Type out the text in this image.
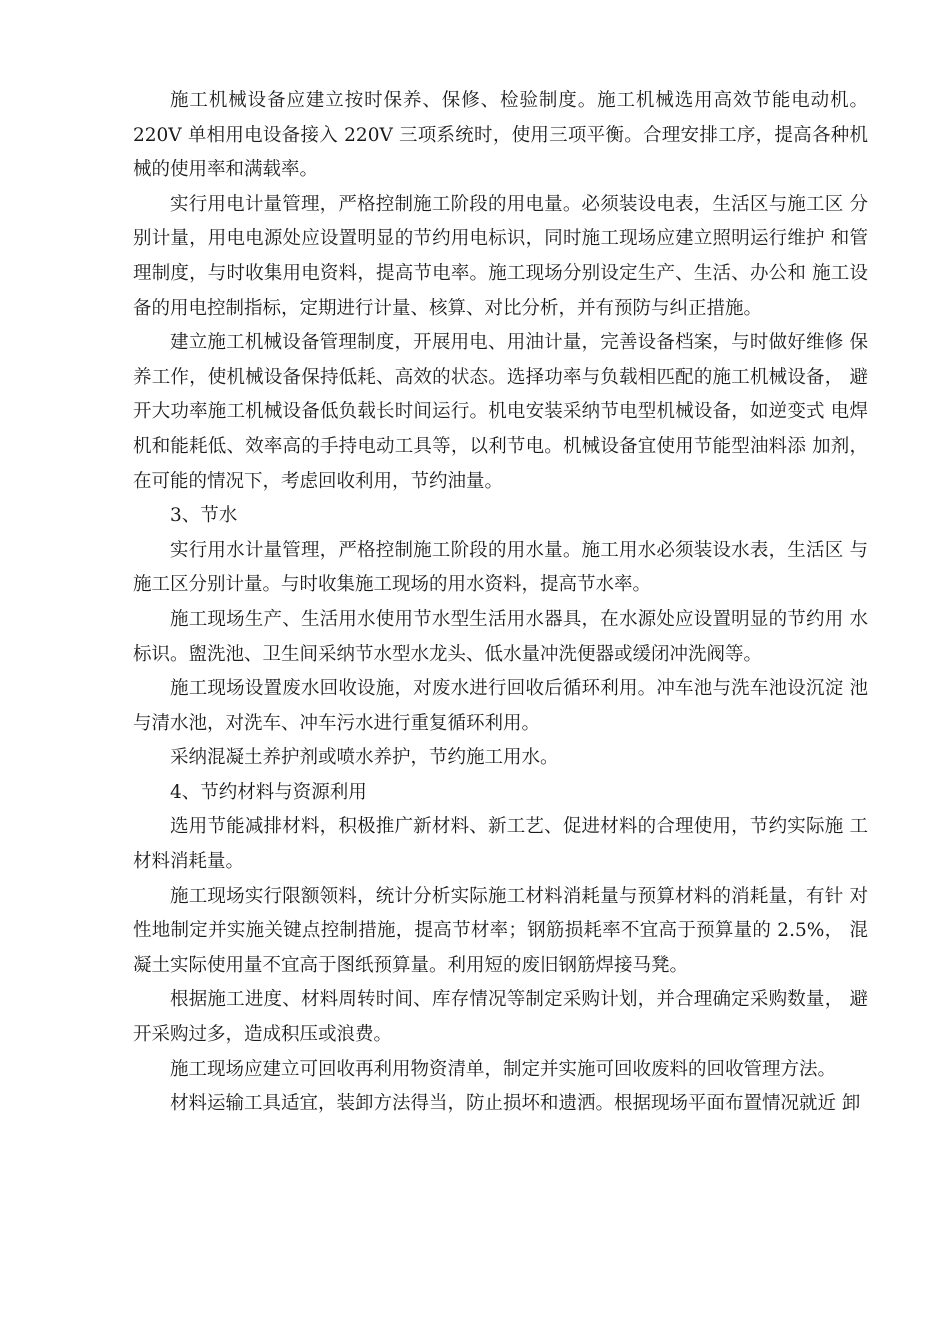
施工机械设备应建立按时保养、保修、检验制度。施工机械选用高效节能电动机。220V 单相用电设备接入 220V 三项系统时，使用三项平衡。合理安排工序，提高各种机 械的使用率和满载率。

实行用电计量管理，严格控制施工阶段的用电量。必须装设电表，生活区与施工区 分别计量，用电电源处应设置明显的节约用电标识，同时施工现场应建立照明运行维护 和管理制度，与时收集用电资料，提高节电率。施工现场分别设定生产、生活、办公和 施工设备的用电控制指标，定期进行计量、核算、对比分析，并有预防与纠正措施。

建立施工机械设备管理制度，开展用电、用油计量，完善设备档案，与时做好维修 保养工作，使机械设备保持低耗、高效的状态。选择功率与负载相匹配的施工机械设备， 避开大功率施工机械设备低负载长时间运行。机电安装采纳节电型机械设备，如逆变式 电焊机和能耗低、效率高的手持电动工具等，以利节电。机械设备宜使用节能型油料添 加剂，在可能的情况下，考虑回收利用，节约油量。

3、节水

实行用水计量管理，严格控制施工阶段的用水量。施工用水必须装设水表，生活区 与施工区分别计量。与时收集施工现场的用水资料，提高节水率。

施工现场生产、生活用水使用节水型生活用水器具，在水源处应设置明显的节约用 水标识。盥洗池、卫生间采纳节水型水龙头、低水量冲洗便器或缓闭冲洗阀等。

施工现场设置废水回收设施，对废水进行回收后循环利用。冲车池与洗车池设沉淀 池与清水池，对洗车、冲车污水进行重复循环利用。

采纳混凝土养护剂或喷水养护，节约施工用水。

4、节约材料与资源利用

选用节能减排材料，积极推广新材料、新工艺、促进材料的合理使用，节约实际施 工材料消耗量。

施工现场实行限额领料，统计分析实际施工材料消耗量与预算材料的消耗量，有针 对性地制定并实施关键点控制措施，提高节材率；钢筋损耗率不宜高于预算量的 2.5%， 混凝土实际使用量不宜高于图纸预算量。利用短的废旧钢筋焊接马凳。

根据施工进度、材料周转时间、库存情况等制定采购计划，并合理确定采购数量， 避开采购过多，造成积压或浪费。

施工现场应建立可回收再利用物资清单，制定并实施可回收废料的回收管理方法。

材料运输工具适宜，装卸方法得当，防止损坏和遗洒。根据现场平面布置情况就近 卸
